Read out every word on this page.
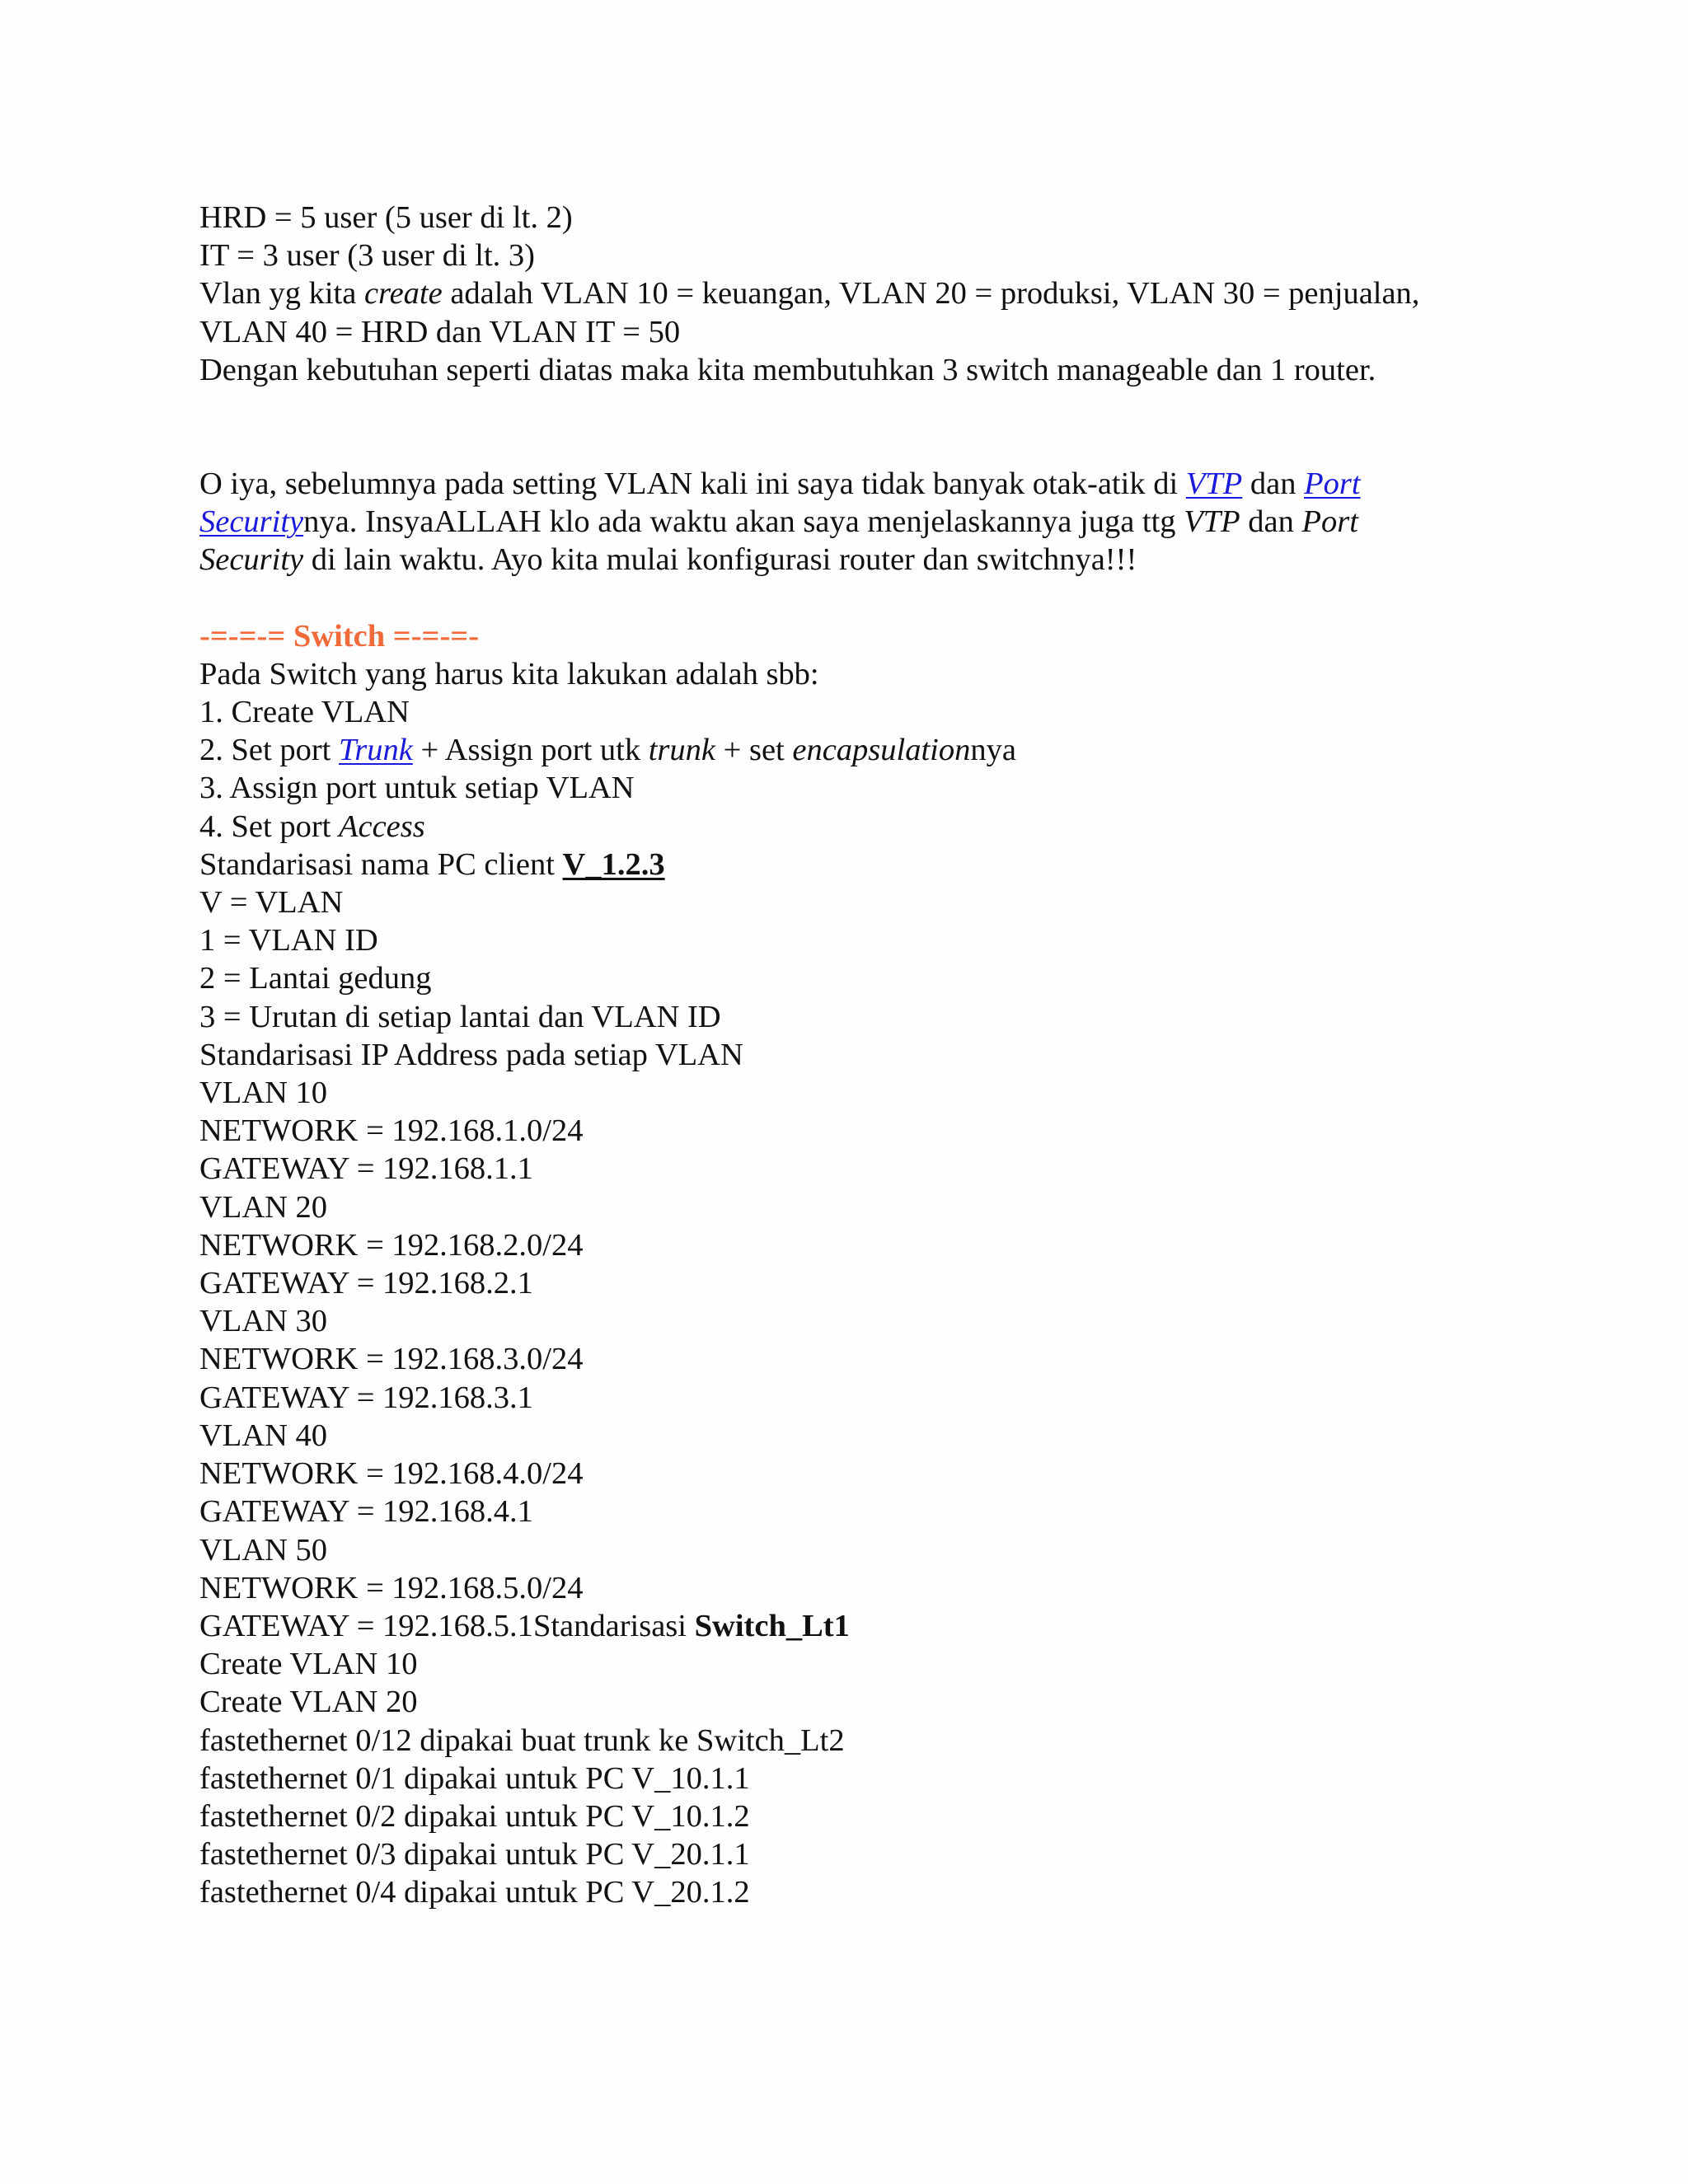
HRD = 5 user (5 user di lt. 2)
IT = 3 user (3 user di lt. 3)
Vlan yg kita create adalah VLAN 10 = keuangan, VLAN 20 = produksi, VLAN 30 = penjualan,
VLAN 40 = HRD dan VLAN IT = 50
Dengan kebutuhan seperti diatas maka kita membutuhkan 3 switch manageable dan 1 router.
O iya, sebelumnya pada setting VLAN kali ini saya tidak banyak otak-atik di VTP dan Port
Securitynya. InsyaALLAH klo ada waktu akan saya menjelaskannya juga ttg VTP dan Port
Security di lain waktu. Ayo kita mulai konfigurasi router dan switchnya!!!
-=-=-= Switch =-=-=-
Pada Switch yang harus kita lakukan adalah sbb:
1. Create VLAN
2. Set port Trunk + Assign port utk trunk + set encapsulationnya
3. Assign port untuk setiap VLAN
4. Set port Access
Standarisasi nama PC client V_1.2.3
V = VLAN
1 = VLAN ID
2 = Lantai gedung
3 = Urutan di setiap lantai dan VLAN ID
Standarisasi IP Address pada setiap VLAN
VLAN 10
NETWORK = 192.168.1.0/24
GATEWAY = 192.168.1.1
VLAN 20
NETWORK = 192.168.2.0/24
GATEWAY = 192.168.2.1
VLAN 30
NETWORK = 192.168.3.0/24
GATEWAY = 192.168.3.1
VLAN 40
NETWORK = 192.168.4.0/24
GATEWAY = 192.168.4.1
VLAN 50
NETWORK = 192.168.5.0/24
GATEWAY = 192.168.5.1Standarisasi Switch_Lt1
Create VLAN 10
Create VLAN 20
fastethernet 0/12 dipakai buat trunk ke Switch_Lt2
fastethernet 0/1 dipakai untuk PC V_10.1.1
fastethernet 0/2 dipakai untuk PC V_10.1.2
fastethernet 0/3 dipakai untuk PC V_20.1.1
fastethernet 0/4 dipakai untuk PC V_20.1.2
